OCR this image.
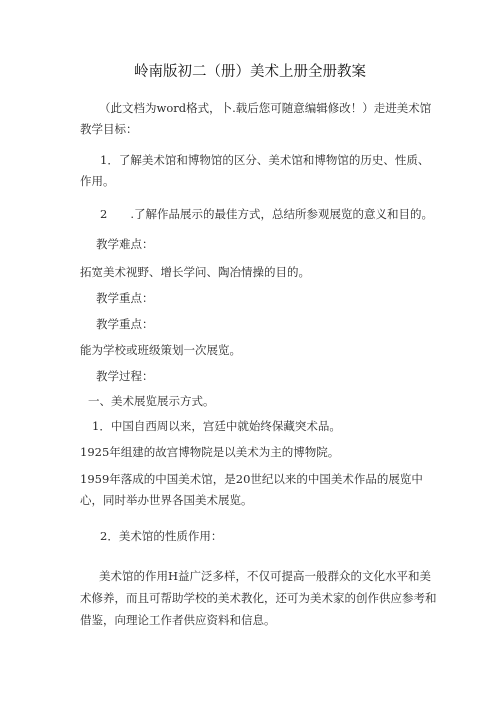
岭南版初二（册）美术上册全册教案

（此文档为word格式，卜.载后您可随意编辑修改！）走进美术馆教学目标：

1．了解美术馆和博物馆的区分、美术馆和博物馆的历史、性质、作用。

2　　.了解作品展示的最佳方式，总结所参观展览的意义和目的。

教学难点：

拓宽美术视野、增长学问、陶冶情操的目的。

教学重点：

教学重点：

能为学校或班级策划一次展览。

教学过程：

一、美术展览展示方式。

1．中国自西周以来，宫廷中就始终保藏突术品。

1925年组建的故宫博物院是以美术为主的博物院。

1959年落成的中国美术馆，是20世纪以来的中国美术作品的展览中心，同时举办世界各国美术展览。

2．美术馆的性质作用：

美术馆的作用H益广泛多样，不仅可提高一般群众的文化水平和美术修养，而且可帮助学校的美术教化，还可为美术家的创作供应参考和借鉴，向理论工作者供应资料和信息。
